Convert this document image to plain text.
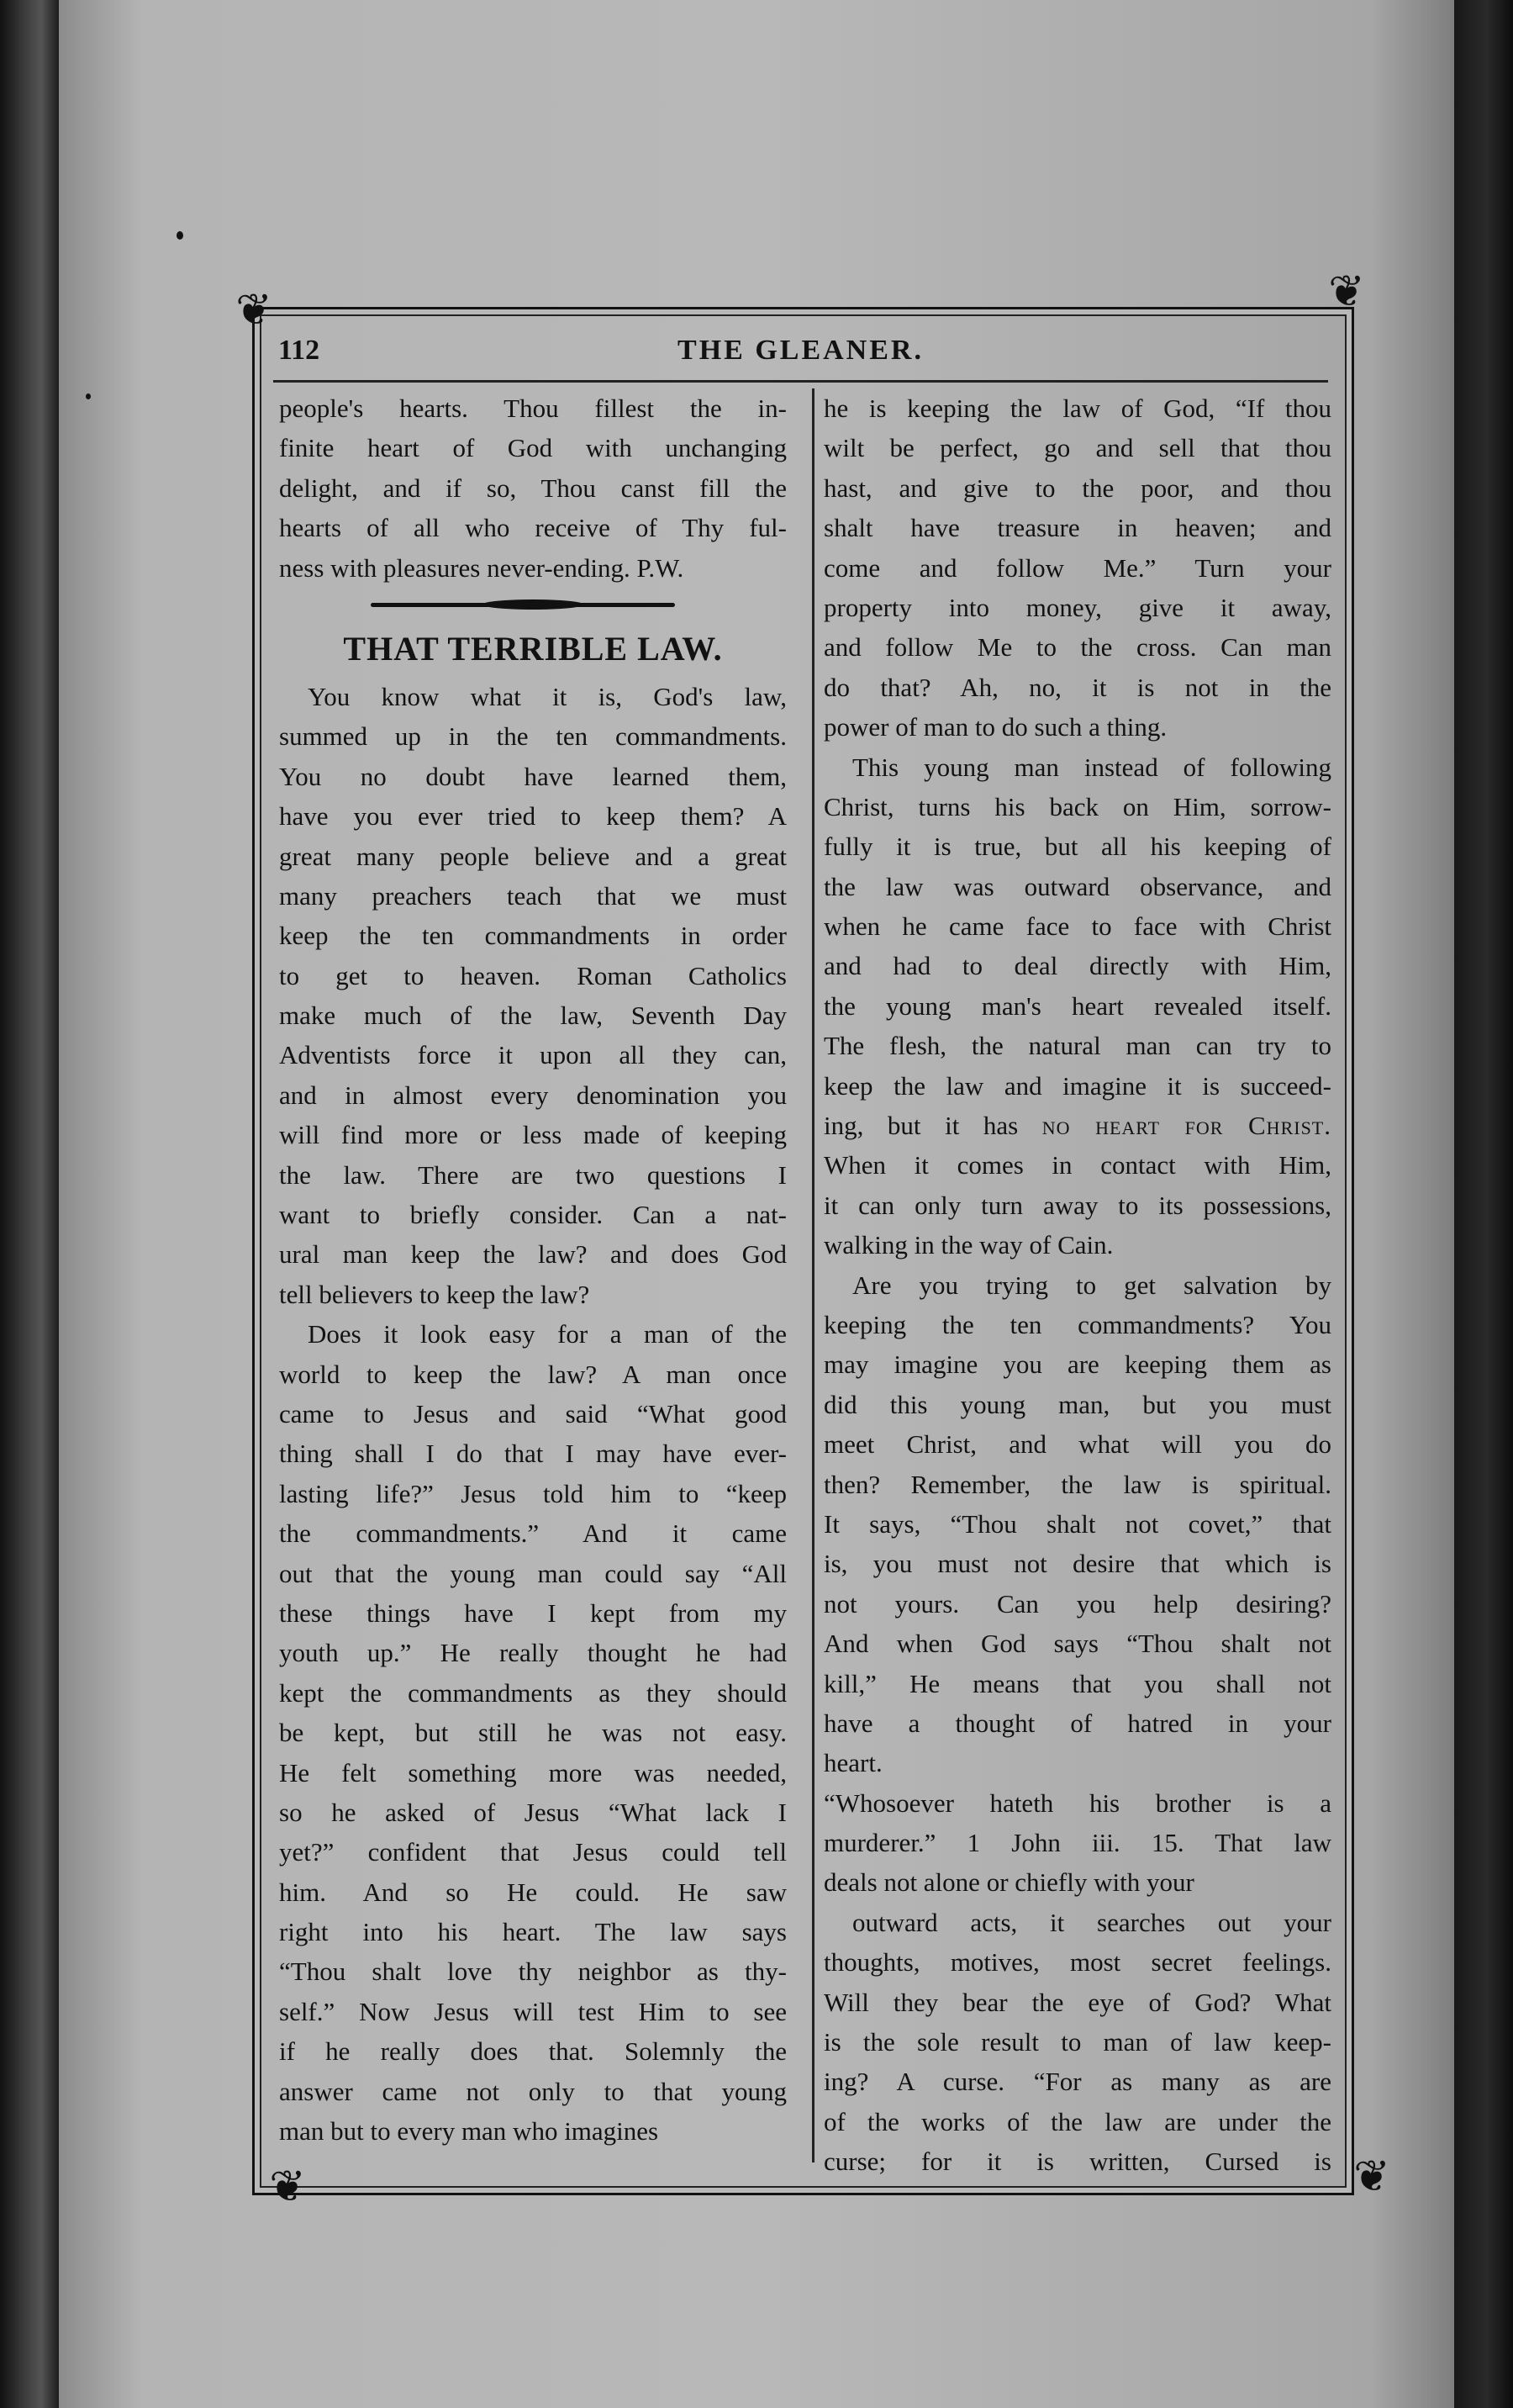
❦	❦
❦	❦
112	THE GLEANER.
people's hearts. Thou fillest the in-
finite heart of God with unchanging
delight, and if so, Thou canst fill the
hearts of all who receive of Thy ful-
ness with pleasures never-ending. P.W.
THAT TERRIBLE LAW.
You know what it is, God's law,
summed up in the ten commandments.
You no doubt have learned them,
have you ever tried to keep them? A
great many people believe and a great
many preachers teach that we must
keep the ten commandments in order
to get to heaven. Roman Catholics
make much of the law, Seventh Day
Adventists force it upon all they can,
and in almost every denomination you
will find more or less made of keeping
the law. There are two questions I
want to briefly consider. Can a nat-
ural man keep the law? and does God
tell believers to keep the law?
Does it look easy for a man of the
world to keep the law? A man once
came to Jesus and said “What good
thing shall I do that I may have ever-
lasting life?” Jesus told him to “keep
the commandments.” And it came
out that the young man could say “All
these things have I kept from my
youth up.” He really thought he had
kept the commandments as they should
be kept, but still he was not easy.
He felt something more was needed,
so he asked of Jesus “What lack I
yet?” confident that Jesus could tell
him. And so He could. He saw
right into his heart. The law says
“Thou shalt love thy neighbor as thy-
self.” Now Jesus will test Him to see
if he really does that. Solemnly the
answer came not only to that young
man but to every man who imagines
he is keeping the law of God, “If thou
wilt be perfect, go and sell that thou
hast, and give to the poor, and thou
shalt have treasure in heaven; and
come and follow Me.” Turn your
property into money, give it away,
and follow Me to the cross. Can man
do that? Ah, no, it is not in the
power of man to do such a thing.
This young man instead of following
Christ, turns his back on Him, sorrow-
fully it is true, but all his keeping of
the law was outward observance, and
when he came face to face with Christ
and had to deal directly with Him,
the young man's heart revealed itself.
The flesh, the natural man can try to
keep the law and imagine it is succeed-
ing, but it has no heart for Christ.
When it comes in contact with Him,
it can only turn away to its possessions,
walking in the way of Cain.
Are you trying to get salvation by
keeping the ten commandments? You
may imagine you are keeping them as
did this young man, but you must
meet Christ, and what will you do
then? Remember, the law is spiritual.
It says, “Thou shalt not covet,” that
is, you must not desire that which is
not yours. Can you help desiring?
And when God says “Thou shalt not
kill,” He means that you shall not
have a thought of hatred in your
heart.
“Whosoever hateth his brother is a
murderer.” 1 John iii. 15. That law
deals not alone or chiefly with your
outward acts, it searches out your
thoughts, motives, most secret feelings.
Will they bear the eye of God? What
is the sole result to man of law keep-
ing? A curse. “For as many as are
of the works of the law are under the
curse; for it is written, Cursed is
